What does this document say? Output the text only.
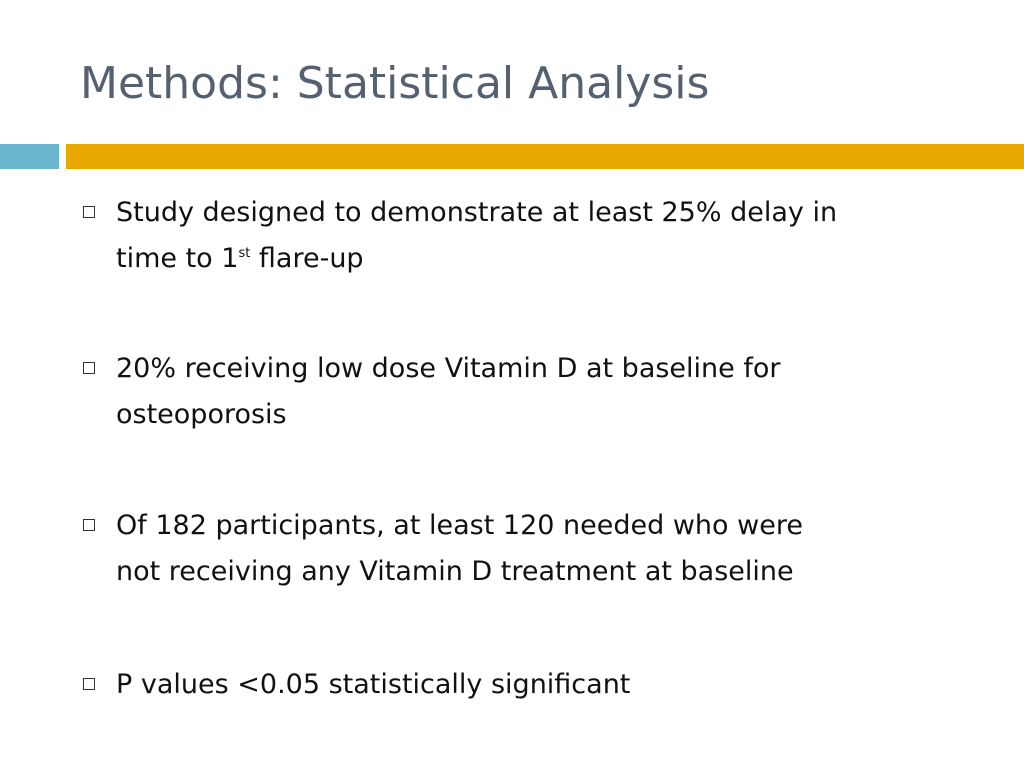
Methods: Statistical Analysis
Study designed to demonstrate at least 25% delay in
time to 1st flare-up
20% receiving low dose Vitamin D at baseline for
osteoporosis
Of 182 participants, at least 120 needed who were
not receiving any Vitamin D treatment at baseline
P values <0.05 statistically significant
